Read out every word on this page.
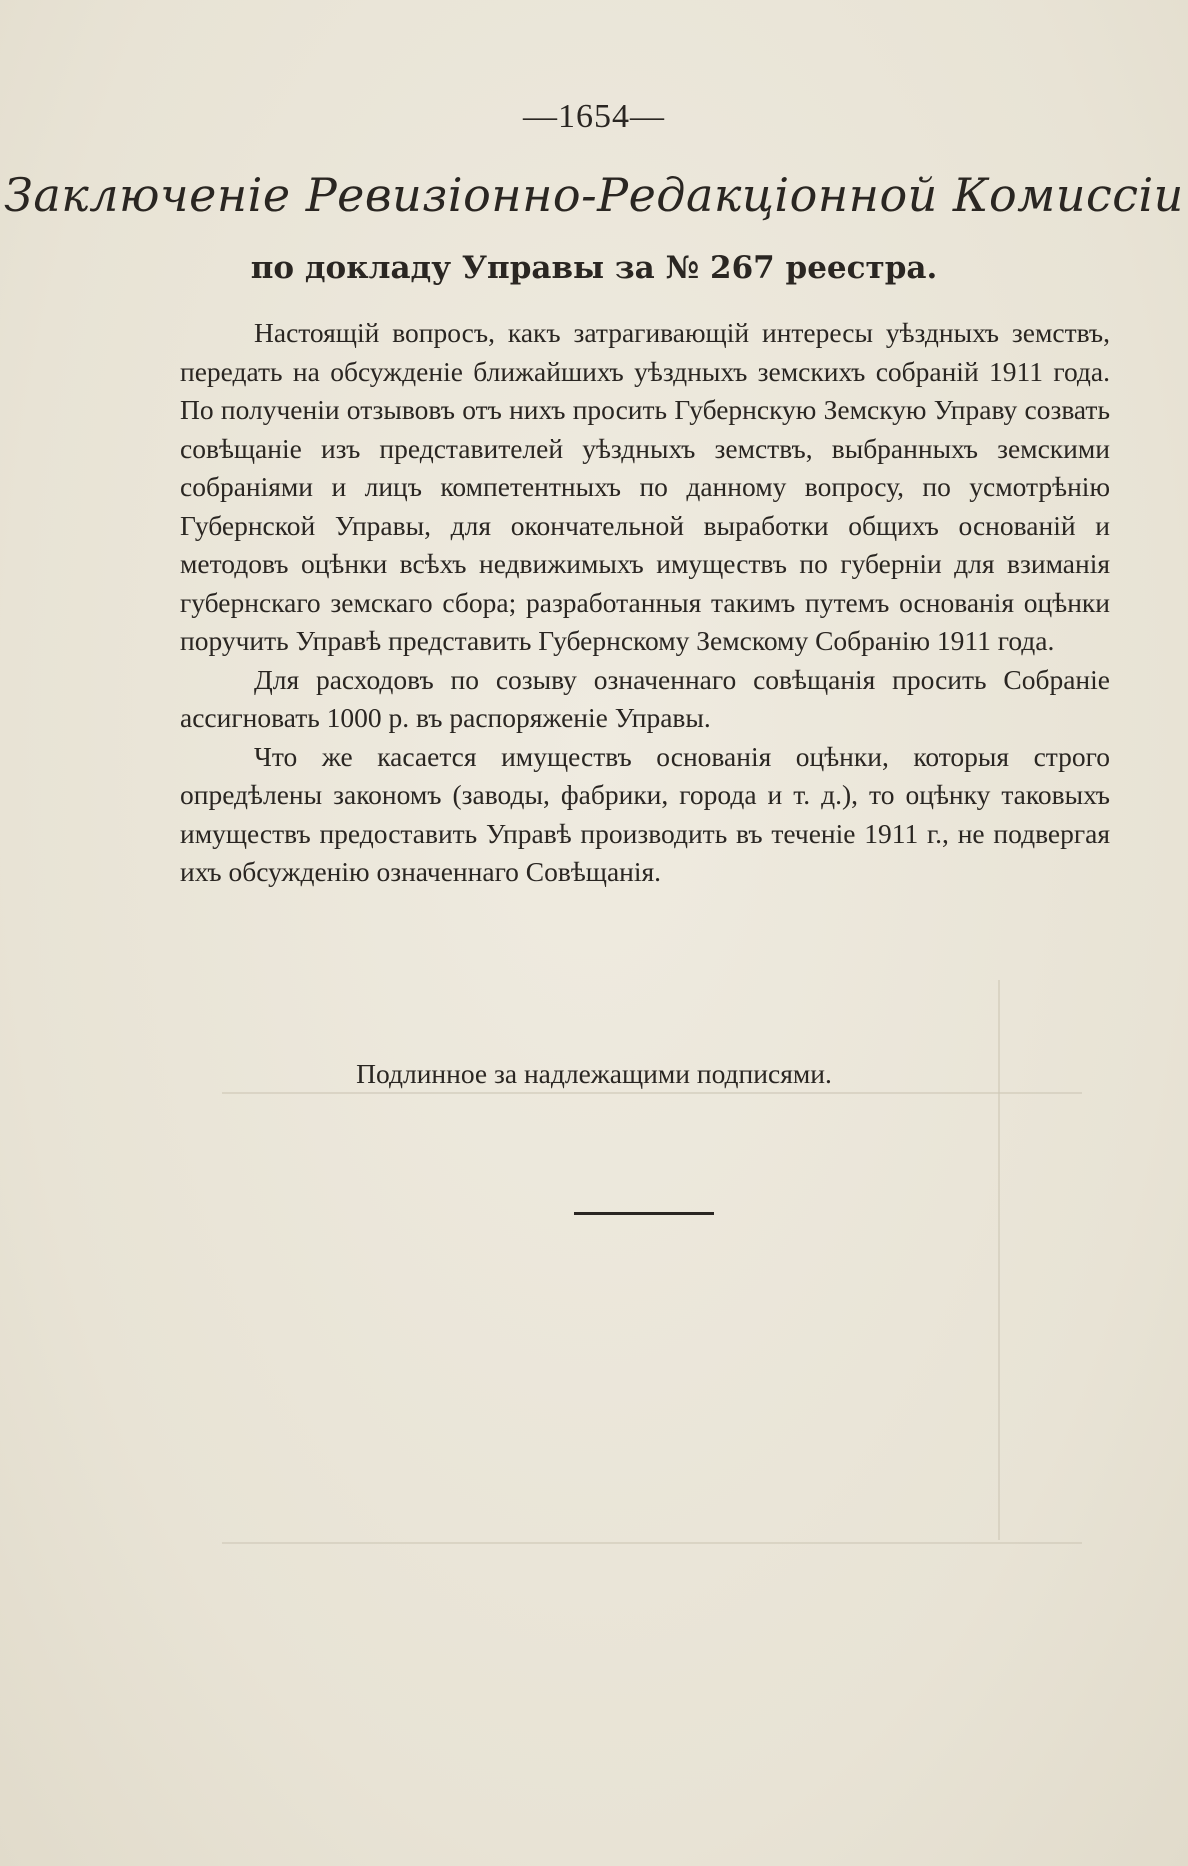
—1654—
Заключеніе Ревизіонно-Редакціонной Комиссіи
по докладу Управы за № 267 реестра.

Настоящій вопросъ, какъ затрагивающій интересы уѣздныхъ земствъ, передать на обсужденіе ближайшихъ уѣздныхъ земскихъ собраній 1911 года. По полученіи отзывовъ отъ нихъ просить Губернскую Земскую Управу созвать совѣщаніе изъ представителей уѣздныхъ земствъ, выбранныхъ земскими собраніями и лицъ компетентныхъ по данному вопросу, по усмотрѣнію Губернской Управы, для окончательной выработки общихъ основаній и методовъ оцѣнки всѣхъ недвижимыхъ имуществъ по губерніи для взиманія губернскаго земскаго сбора; разработанныя такимъ путемъ основанія оцѣнки поручить Управѣ представить Губернскому Земскому Собранію 1911 года.

Для расходовъ по созыву означеннаго совѣщанія просить Собраніе ассигновать 1000 р. въ распоряженіе Управы.

Что же касается имуществъ основанія оцѣнки, которыя строго опредѣлены закономъ (заводы, фабрики, города и т. д.), то оцѣнку таковыхъ имуществъ предоставить Управѣ производить въ теченіе 1911 г., не подвергая ихъ обсужденію означеннаго Совѣщанія.

Подлинное за надлежащими подписями.
